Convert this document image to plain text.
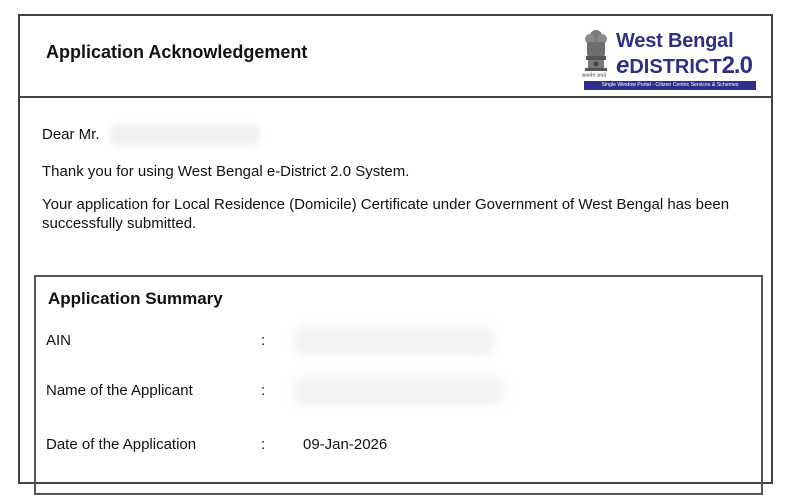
Application Acknowledgement
सत्यमेव जयते
West Bengal
eDISTRICT2.0
Single Window Portal - Citizen Centric Services & Schemes
Dear Mr.
Thank you for using West Bengal e-District 2.0 System.
Your application for Local Residence (Domicile) Certificate under Government of West Bengal has been successfully submitted.
Application Summary
AIN	:
Name of the Applicant	:
Date of the Application	:	09-Jan-2026
